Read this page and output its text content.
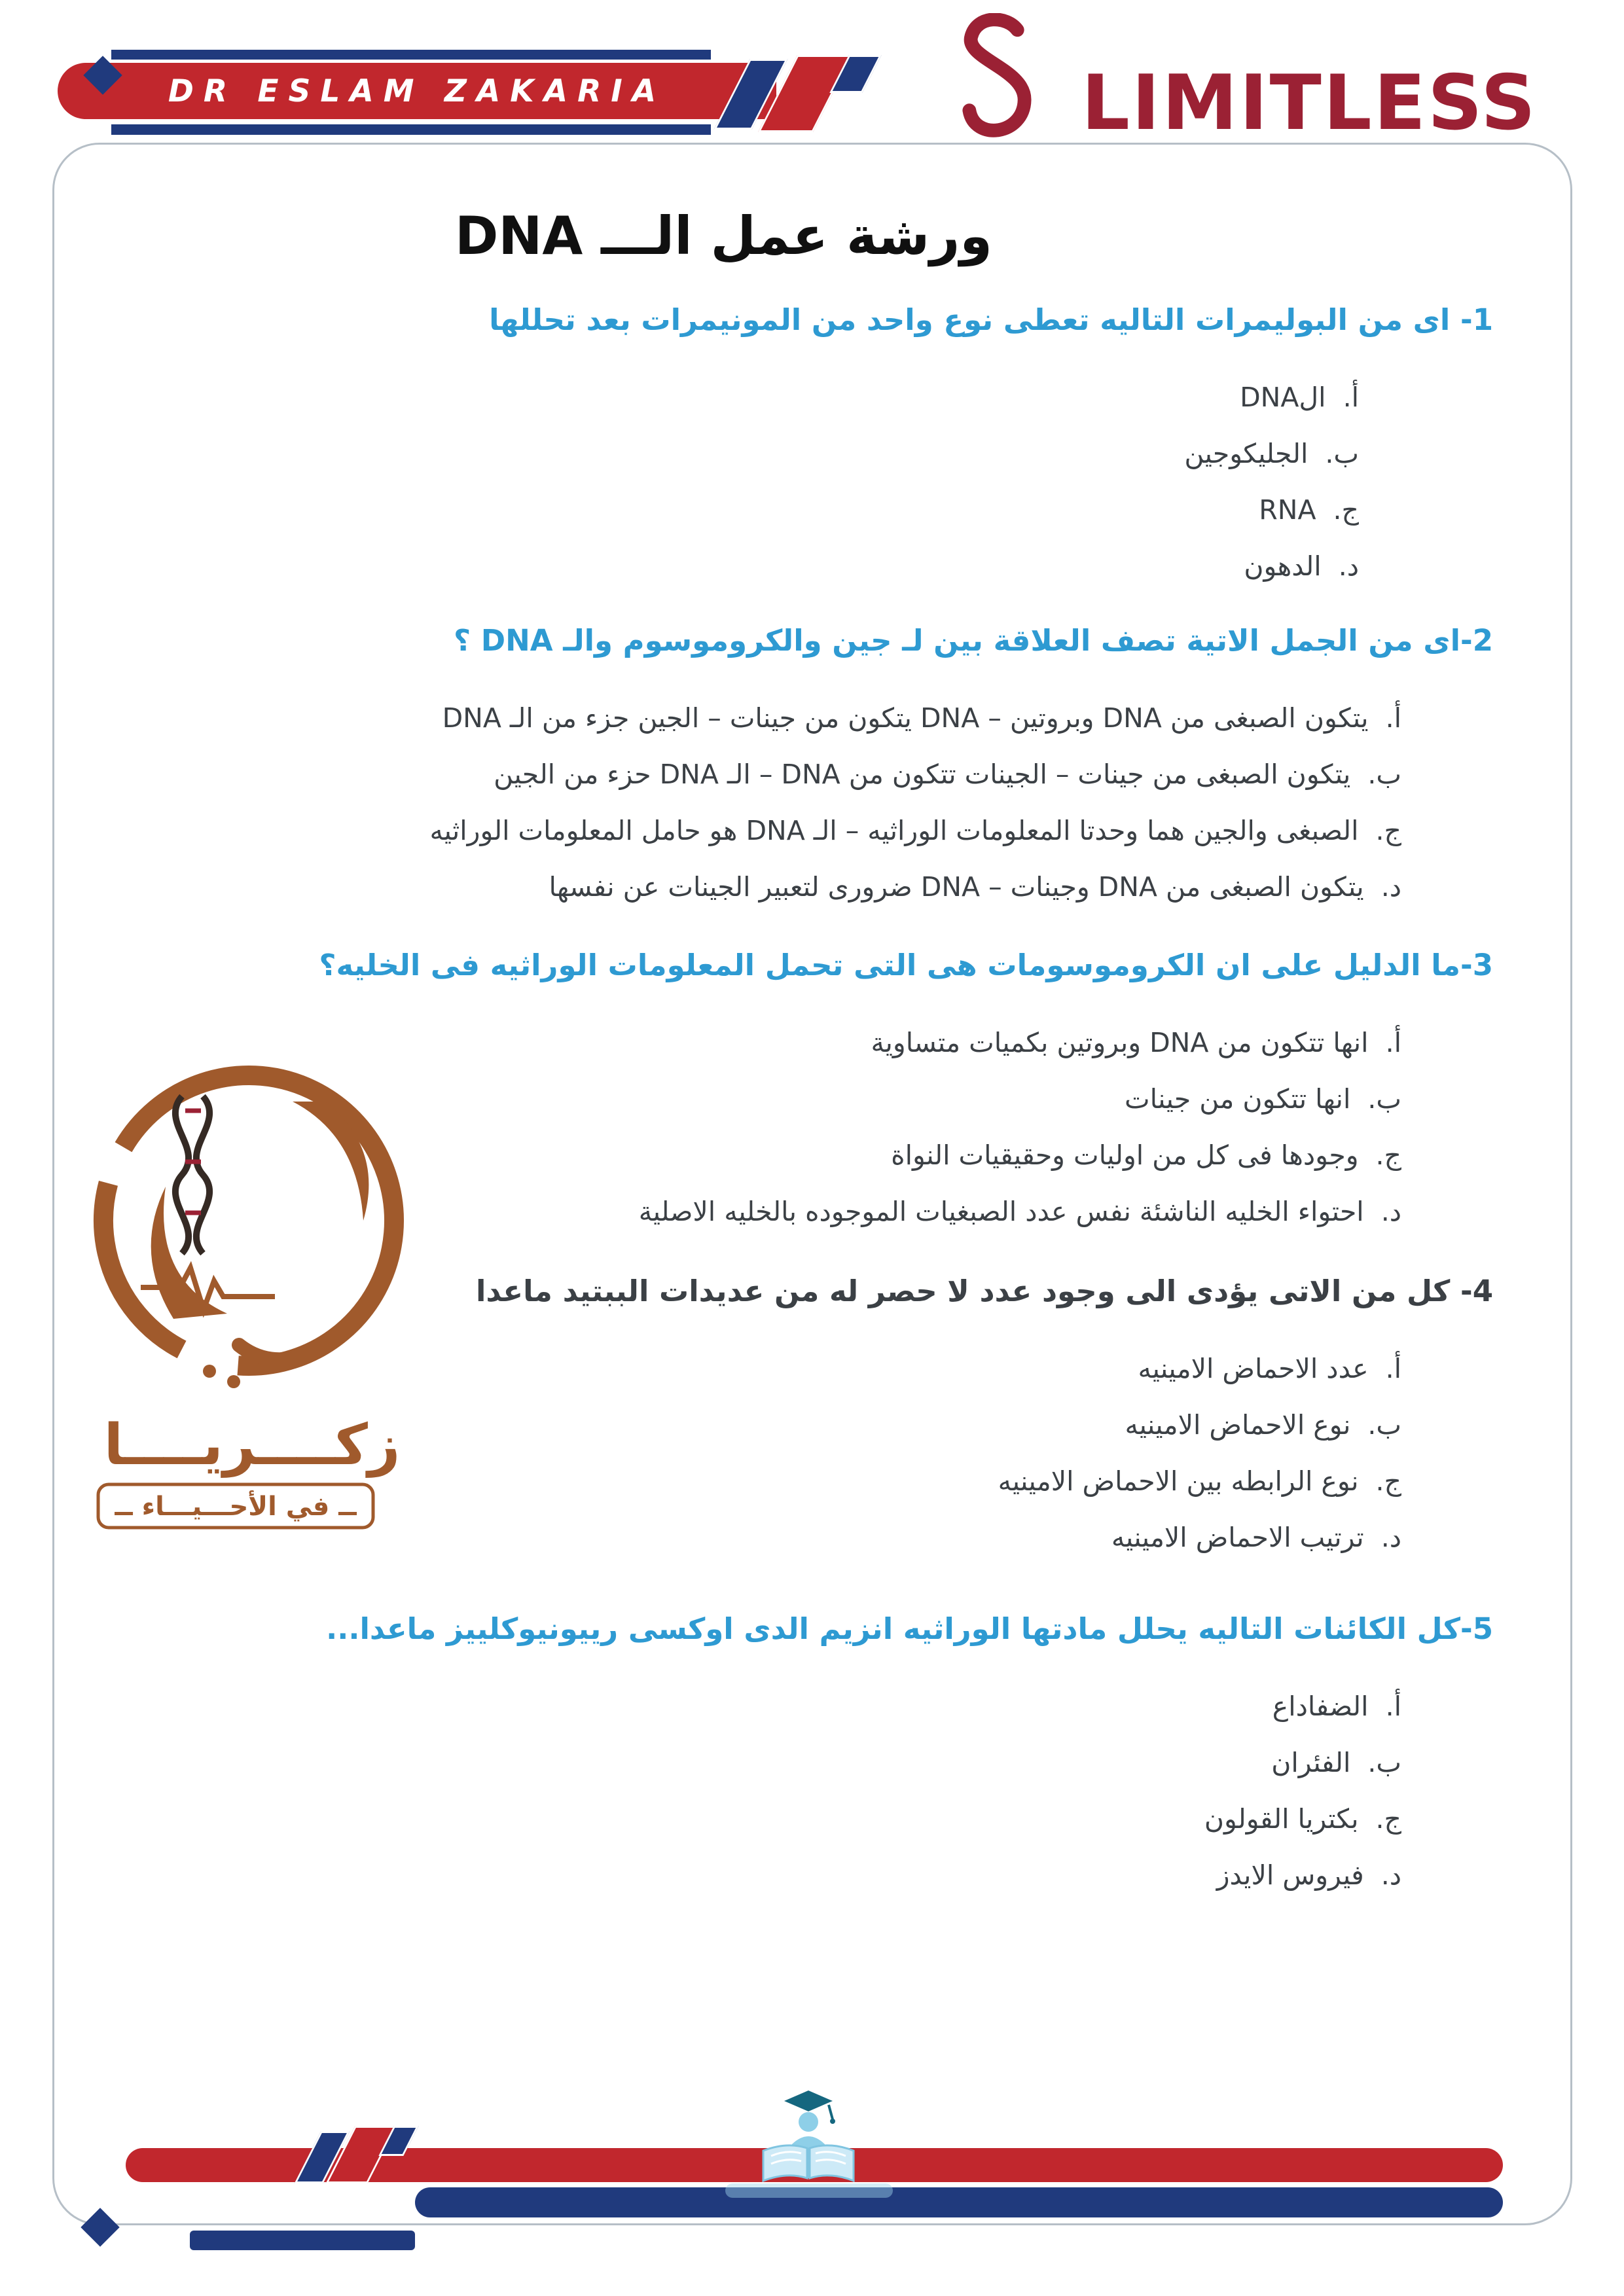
DR ESLAM ZAKARIA	LIMITLESS
ورشة عمل الـــ DNA
1- اى من البوليمرات التاليه تعطى نوع واحد من المونيمرات بعد تحللها
أ.الDNA
ب.الجليكوجين
ج.RNA
د.الدهون
2-اى من الجمل الاتية تصف العلاقة بين لـ جين والكروموسوم والـ DNA ؟
أ.يتكون الصبغى من DNA وبروتين – DNA يتكون من جينات – الجين جزء من الـ DNA
ب.يتكون الصبغى من جينات – الجينات تتكون من DNA – الـ DNA حزء من الجين
ج.الصبغى والجين هما وحدتا المعلومات الوراثيه – الـ DNA هو حامل المعلومات الوراثيه
د.يتكون الصبغى من DNA وجينات – DNA ضرورى لتعبير الجينات عن نفسها
3-ما الدليل على ان الكروموسومات هى التى تحمل المعلومات الوراثيه فى الخليه؟
أ.انها تتكون من DNA وبروتين بكميات متساوية
ب.انها تتكون من جينات
ج.وجودها فى كل من اوليات وحقيقيات النواة
د.احتواء الخليه الناشئة نفس عدد الصبغيات الموجوده بالخليه الاصلية
4- كل من الاتى يؤدى الى وجود عدد لا حصر له من عديدات الببتيد ماعدا
أ.عدد الاحماض الامينيه
ب.نوع الاحماض الامينيه
ج.نوع الرابطه بين الاحماض الامينيه
د.ترتيب الاحماض الامينيه
5-كل الكائنات التاليه يحلل مادتها الوراثيه انزيم الدى اوكسى رييونيوكلييز ماعدا...
أ.الضفاداع
ب.الفئران
ج.بكتريا القولون
د.فيروس الايدز
زكــــريــــا
ــ في الأحـــيـــاء ــ
